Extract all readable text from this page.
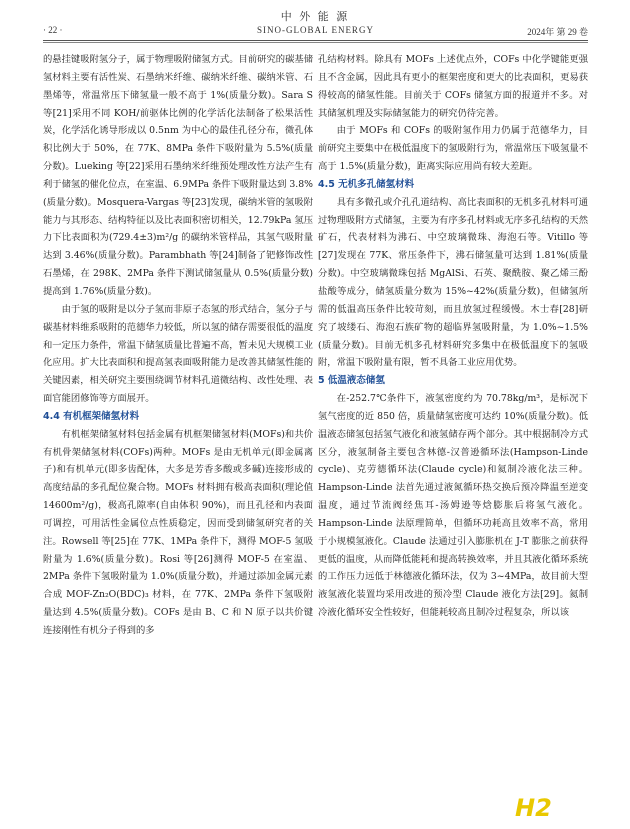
中 外 能 源
· 22 ·	SINO-GLOBAL ENERGY	2024年 第 29 卷

的悬挂键吸附氢分子，属于物理吸附储氢方式。目前研究的碳基储氢材料主要有活性炭、石墨纳米纤维、碳纳米纤维、碳纳米管、石墨烯等，常温常压下储氢量一般不高于 1%(质量分数)。Sara S 等[21]采用不同 KOH/前驱体比例的化学活化法制备了松果活性炭，化学活化诱导形成以 0.5nm 为中心的最佳孔径分布，微孔体积比例大于 50%，在 77K、8MPa 条件下吸附量为 5.5%(质量分数)。Lueking 等[22]采用石墨纳米纤维预处理改性方法产生有利于储氢的催化位点，在室温、6.9MPa 条件下吸附量达到 3.8%(质量分数)。Mosquera-Vargas 等[23]发现，碳纳米管的氢吸附能力与其形态、结构特征以及比表面积密切相关，12.79kPa 氢压力下比表面积为(729.4±3)m²/g 的碳纳米管样品，其氢气吸附量达到 3.46%(质量分数)。Parambhath 等[24]制备了钯修饰改性石墨烯，在 298K、2MPa 条件下测试储氢量从 0.5%(质量分数)提高到 1.76%(质量分数)。

由于氢的吸附是以分子氢而非原子态氢的形式结合，氢分子与碳基材料维系吸附的范德华力较低，所以氢的储存需要很低的温度和一定压力条件，常温下储氢质量比普遍不高，暂未见大规模工业化应用。扩大比表面积和提高氢表面吸附能力是改善其储氢性能的关键因素，相关研究主要围绕调节材料孔道微结构、改性处理、表面官能团修饰等方面展开。

4.4 有机框架储氢材料

有机框架储氢材料包括金属有机框架储氢材料(MOFs)和共价有机骨架储氢材料(COFs)两种。MOFs 是由无机单元(即金属离子)和有机单元(即多齿配体，大多是芳香多酸或多碱)连接形成的高度结晶的多孔配位聚合物。MOFs 材料拥有极高表面积(理论值 14600m²/g)，极高孔隙率(自由体积 90%)，而且孔径和内表面可调控，可用活性金属位点性质稳定，因而受到储氢研究者的关注。Rowsell 等[25]在 77K、1MPa 条件下，测得 MOF-5 氢吸附量为 1.6%(质量分数)。Rosi 等[26]测得 MOF-5 在室温、2MPa 条件下氢吸附量为 1.0%(质量分数)，并通过添加金属元素合成 MOF-Zn₂O(BDC)₃ 材料，在 77K、2MPa 条件下氢吸附量达到 4.5%(质量分数)。COFs 是由 B、C 和 N 原子以共价键连接刚性有机分子得到的多

孔结构材料。除具有 MOFs 上述优点外，COFs 中化学键能更强且不含金属，因此具有更小的框架密度和更大的比表面积，更易获得较高的储氢性能。目前关于 COFs 储氢方面的报道并不多。对其储氢机理及实际储氢能力的研究仍待完善。

由于 MOFs 和 COFs 的吸附氢作用力仍属于范德华力，目前研究主要集中在极低温度下的氢吸附行为，常温常压下吸氢量不高于 1.5%(质量分数)，距离实际应用尚有较大差距。

4.5 无机多孔储氢材料

具有多微孔或介孔孔道结构、高比表面积的无机多孔材料可通过物理吸附方式储氢，主要为有序多孔材料或无序多孔结构的天然矿石，代表材料为沸石、中空玻璃微珠、海泡石等。Vitillo 等[27]发现在 77K、常压条件下，沸石储氢量可达到 1.81%(质量分数)。中空玻璃微珠包括 MgAlSi、石英、聚酰胺、聚乙烯三酚盐酸等成分，储氢质量分数为 15%~42%(质量分数)，但储氢所需的低温高压条件比较苛刻，而且放氢过程缓慢。木士春[28]研究了坡缕石、海泡石族矿物的超临界氢吸附量，为 1.0%~1.5%(质量分数)。目前无机多孔材料研究多集中在极低温度下的氢吸附，常温下吸附量有限，暂不具备工业应用优势。

5 低温液态储氢

在-252.7℃条件下，液氢密度约为 70.78kg/m³，是标况下氢气密度的近 850 倍，质量储氢密度可达约 10%(质量分数)。低温液态储氢包括氢气液化和液氢储存两个部分。其中根据制冷方式区分，液氢制备主要包含林德-汉普逊循环法(Hampson-Linde cycle)、克劳德循环法(Claude cycle)和氦制冷液化法三种。Hampson-Linde 法首先通过液氮循环热交换后预冷降温至逆变温度，通过节流阀经焦耳-汤姆逊等焓膨胀后将氢气液化。Hampson-Linde 法原理简单，但循环功耗高且效率不高，常用于小规模氢液化。Claude 法通过引入膨胀机在 J-T 膨胀之前获得更低的温度，从而降低能耗和提高转换效率，并且其液化循环系统的工作压力远低于林德液化循环法，仅为 3~4MPa，故目前大型液氢液化装置均采用改进的预冷型 Claude 液化方法[29]。氦制冷液化循环安全性较好，但能耗较高且制冷过程复杂，所以该

H2
